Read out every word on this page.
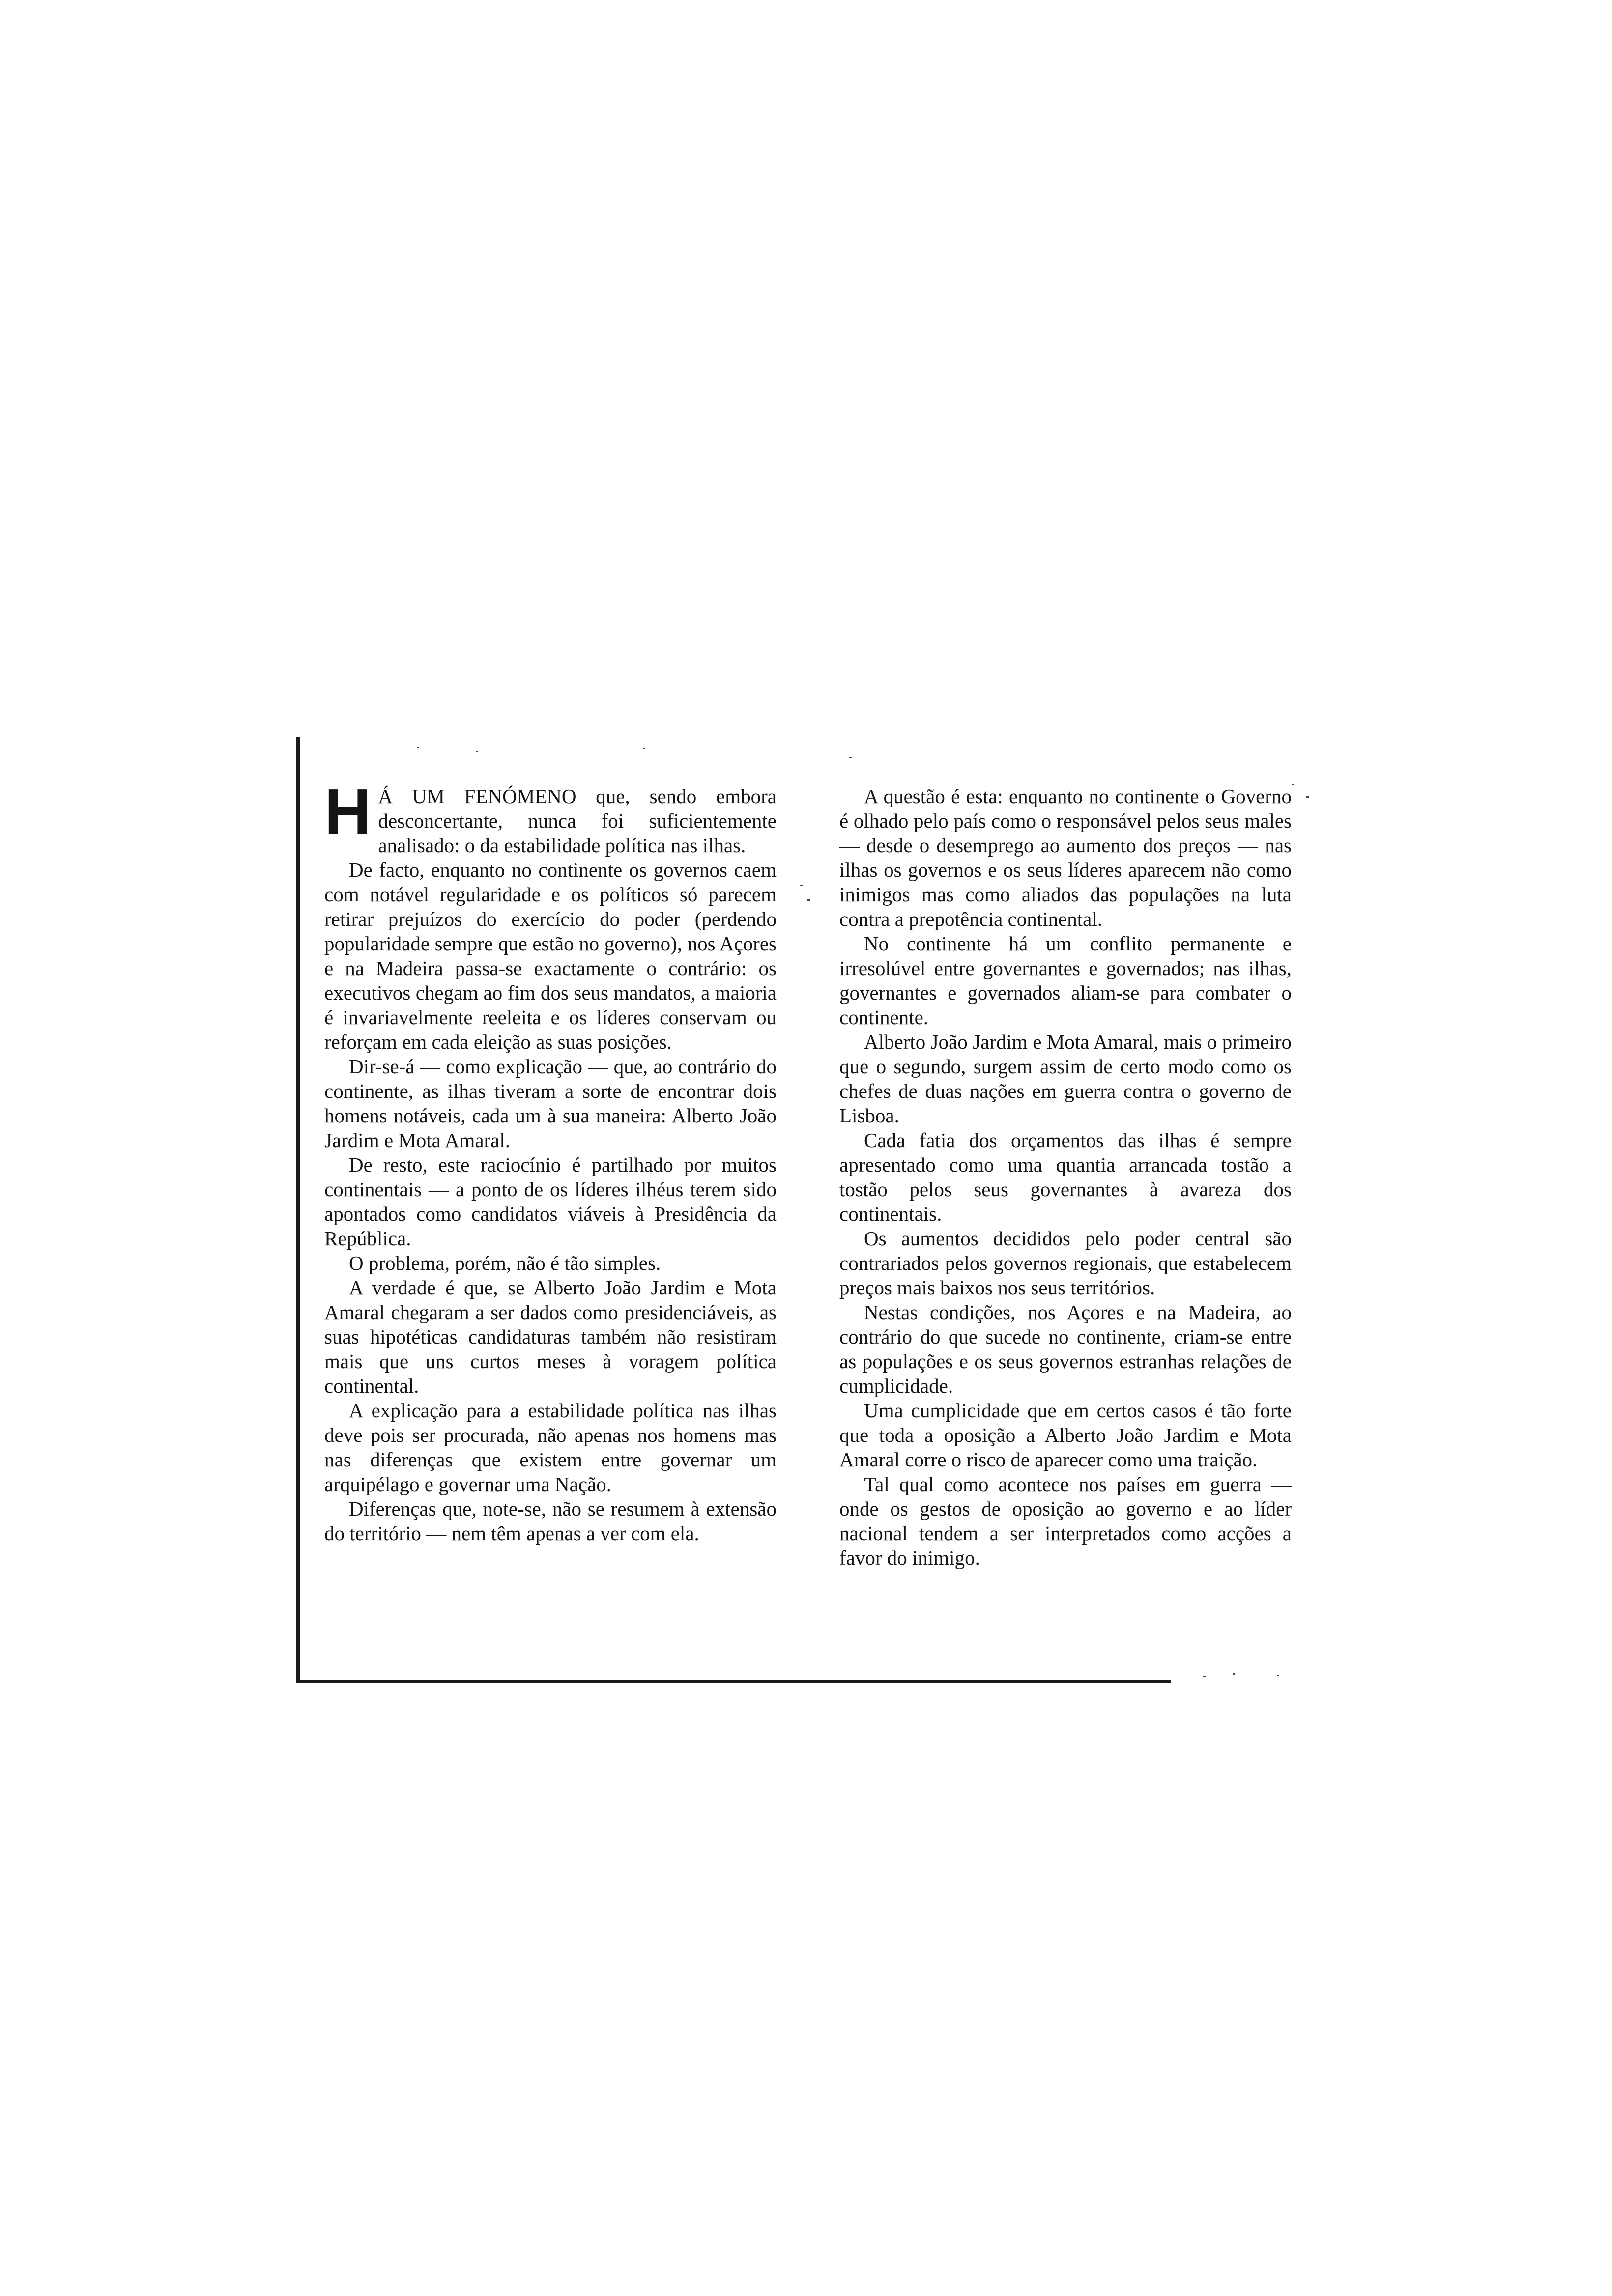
H Á UM FENÓMENO que, sendo embora desconcertante, nunca foi suficientemente analisado: o da estabilidade política nas ilhas.

De facto, enquanto no continente os governos caem com notável regularidade e os políticos só parecem retirar prejuízos do exercício do poder (perdendo popularidade sempre que estão no governo), nos Açores e na Madeira passa-se exactamente o contrário: os executivos chegam ao fim dos seus mandatos, a maioria é invariavelmente reeleita e os líderes conservam ou reforçam em cada eleição as suas posições.

Dir-se-á — como explicação — que, ao contrário do continente, as ilhas tiveram a sorte de encontrar dois homens notáveis, cada um à sua maneira: Alberto João Jardim e Mota Amaral.

De resto, este raciocínio é partilhado por muitos continentais — a ponto de os líderes ilhéus terem sido apontados como candidatos viáveis à Presidência da República.

O problema, porém, não é tão simples.

A verdade é que, se Alberto João Jardim e Mota Amaral chegaram a ser dados como presidenciáveis, as suas hipotéticas candidaturas também não resistiram mais que uns curtos meses à voragem política continental.

A explicação para a estabilidade política nas ilhas deve pois ser procurada, não apenas nos homens mas nas diferenças que existem entre governar um arquipélago e governar uma Nação.

Diferenças que, note-se, não se resumem à extensão do território — nem têm apenas a ver com ela.

A questão é esta: enquanto no continente o Governo é olhado pelo país como o responsável pelos seus males — desde o desemprego ao aumento dos preços — nas ilhas os governos e os seus líderes aparecem não como inimigos mas como aliados das populações na luta contra a prepotência continental.

No continente há um conflito permanente e irresolúvel entre governantes e governados; nas ilhas, governantes e governados aliam-se para combater o continente.

Alberto João Jardim e Mota Amaral, mais o primeiro que o segundo, surgem assim de certo modo como os chefes de duas nações em guerra contra o governo de Lisboa.

Cada fatia dos orçamentos das ilhas é sempre apresentado como uma quantia arrancada tostão a tostão pelos seus governantes à avareza dos continentais.

Os aumentos decididos pelo poder central são contrariados pelos governos regionais, que estabelecem preços mais baixos nos seus territórios.

Nestas condições, nos Açores e na Madeira, ao contrário do que sucede no continente, criam-se entre as populações e os seus governos estranhas relações de cumplicidade.

Uma cumplicidade que em certos casos é tão forte que toda a oposição a Alberto João Jardim e Mota Amaral corre o risco de aparecer como uma traição.

Tal qual como acontece nos países em guerra — onde os gestos de oposição ao governo e ao líder nacional tendem a ser interpretados como acções a favor do inimigo.
